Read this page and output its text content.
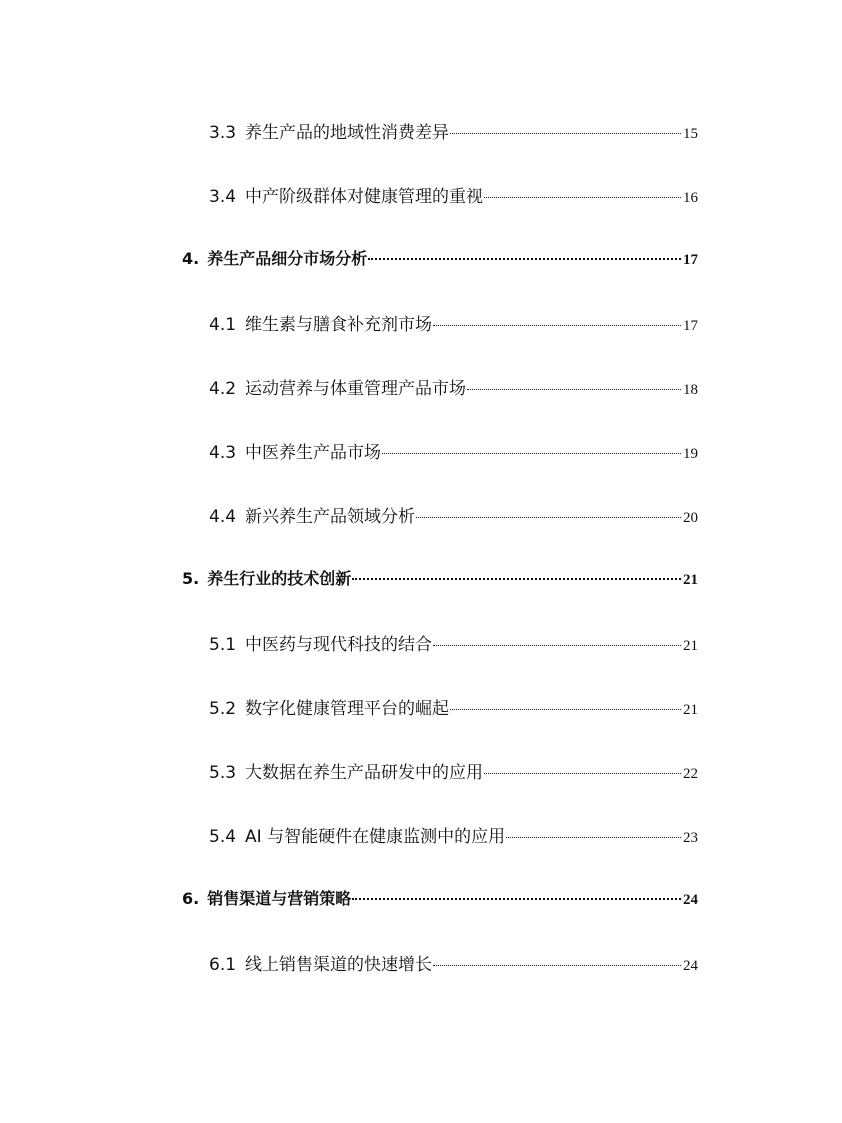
3.3 养生产品的地域性消费差异	15
3.4 中产阶级群体对健康管理的重视	16
4. 养生产品细分市场分析	17
4.1 维生素与膳食补充剂市场	17
4.2 运动营养与体重管理产品市场	18
4.3 中医养生产品市场	19
4.4 新兴养生产品领域分析	20
5. 养生行业的技术创新	21
5.1 中医药与现代科技的结合	21
5.2 数字化健康管理平台的崛起	21
5.3 大数据在养生产品研发中的应用	22
5.4 AI 与智能硬件在健康监测中的应用	23
6. 销售渠道与营销策略	24
6.1 线上销售渠道的快速增长	24
